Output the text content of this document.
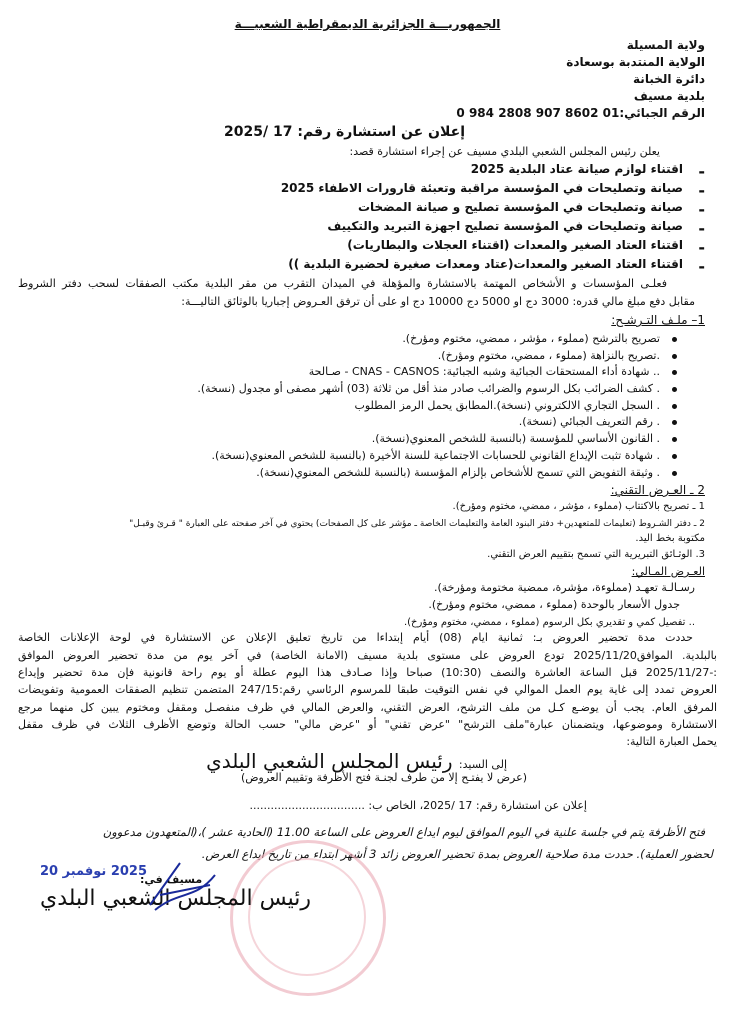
الجمهوريـــة الجزائرية الديمقراطية الشعبيـــة
ولاية المسيلة
الولاية المنتدبة بوسعادة
دائرة الخبانة
بلدية مسيف
الرقم الجبائي:01 8602 907 2808 984 0
إعلان عن استشارة رقم: 17 /2025
يعلن رئيس المجلس الشعبي البلدي مسيف عن إجراء استشارة قصد:
-
اقتناء لوازم صيانة عتاد البلدية 2025
-
صيانة وتصليحات في المؤسسة مراقبة وتعبئة قارورات الاطفاء 2025
-
صيانة وتصليحات في المؤسسة تصليح و صيانة المضخات
-
صيانة وتصليحات في المؤسسة تصليح اجهزة التبريد والتكييف
-
اقتناء العتاد الصغير والمعدات (اقتناء العجلات والبطاريات)
-
اقتناء العتاد الصغير والمعدات(عتاد ومعدات صغيرة لحضيرة البلدية ))
فعلـى المؤسسات و الأشخاص المهتمة بالاستشارة والمؤهلة في الميدان التقرب من مقر البلدية مكتب الصفقات لسحب دفتر الشروط
مقابل دفع مبلغ مالي قدره: 3000 دج او 5000 دج 10000 دج او على أن ترفق العـروض إجباريا بالوثائق التاليـــة:
1– ملـف التـرشـح:
تصريح بالترشح (مملوء ، مؤشر ، ممضي، مختوم ومؤرخ).
.تصريح بالنزاهة (مملوء ، ممضي، مختوم ومؤرخ).
.. شهادة أداء المستحقات الجبائية وشبه الجبائية: CNAS - CASNOS - صـالحة
. كشف الضرائب بكل الرسوم والضرائب صادر منذ أقل من ثلاثة (03) أشهر مصفى أو مجدول (نسخة).
. السجل التجاري الالكتروني (نسخة).المطابق يحمل الرمز المطلوب
. رقم التعريف الجبائي (نسخة).
. القانون الأساسي للمؤسسة (بالنسبة للشخص المعنوي(نسخة).
. شهادة تثبت الإيداع القانوني للحسابات الاجتماعية للسنة الأخيرة (بالنسبة للشخص المعنوي(نسخة).
. وثيقة التفويض التي تسمح للأشخاص بإلزام المؤسسة (بالنسبة للشخص المعنوي(نسخة).
2 ـ العـرض التقني:
1 ـ تصريح بالاكتتاب (مملوء ، مؤشر ، ممضي، مختوم ومؤرخ).
2 ـ دفتر الشـروط (تعليمات للمتعهدين+ دفتر البنود العامة والتعليمات الخاصة ـ مؤشر على كل الصفحات) يحتوي في آخر صفحته على العبارة " قـرئ وقبـل"
مكتوبة بخط اليد.
3. الوثـائق التبريرية التي تسمح بتقييم العرض التقني.
العـرض المـالي:
رسـالـة تعهـد (مملوءة، مؤشرة، ممضية مختومة ومؤرخة).
جدول الأسعار بالوحدة (مملوء ، ممضي، مختوم ومؤرخ).
.. تفصيل كمي و تقديري بكل الرسوم (مملوء ، ممضي، مختوم ومؤرخ).
حددت مدة تحضير العروض بـ: ثمانية ايام (08) أيام إبتداءا من تاريخ تعليق الإعلان عن الاستشارة في لوحة الإعلانات الخاصة
بالبلدية. الموافق2025/11/20 تودع العروض على مستوى بلدية مسيف (الامانة الخاصة) في آخر يوم من مدة تحضير العروض الموافق
:-2025/11/27 قبل الساعة العاشرة والنصف (10:30) صباحا وإذا صـادف هذا اليوم عطلة أو يوم راحة قانونية فإن مدة تحضير وإيداع
العروض تمدد إلى غاية يوم العمل الموالي في نفس التوقيت طبقا للمرسوم الرئاسي رقم:247/15 المتضمن تنظيم الصفقات العمومية وتفويضات
المرفق العام. يجب أن يوضـع كـل من ملف الترشح، العرض التقني، والعرض المالي في ظرف منفصـل ومقفل ومختوم يبين كل منهما مرجع
الاستشارة وموضوعها، ويتضمنان عبارة"ملف الترشح" "عرض تقني" أو "عرض مالي" حسب الحالة وتوضع الأظرف الثلاث في ظرف مقفل
يحمل العبارة التالية:
إلى السيد: رئيس المجلس الشعبي البلدي
(عرض لا يفتـح إلا من طرف لجنـة فتح الأظرفة وتقييم العروض)
إعلان عن استشارة رقم: 17 /2025، الخاص ب: .................................
فتح الأظرفة يتم في جلسة علنية في اليوم الموافق ليوم ايداع العروض على الساعة 11.00 (الحادية عشر )،(المتعهدون مدعوون
لحضور العملية). حددت مدة صلاحية العروض بمدة تحضير العروض زائد 3 أشهر ابتداء من تاريخ ايداع العرض.
2025 نوفمبر 20
مسيف في:
رئيس المجلس الشعبي البلدي
